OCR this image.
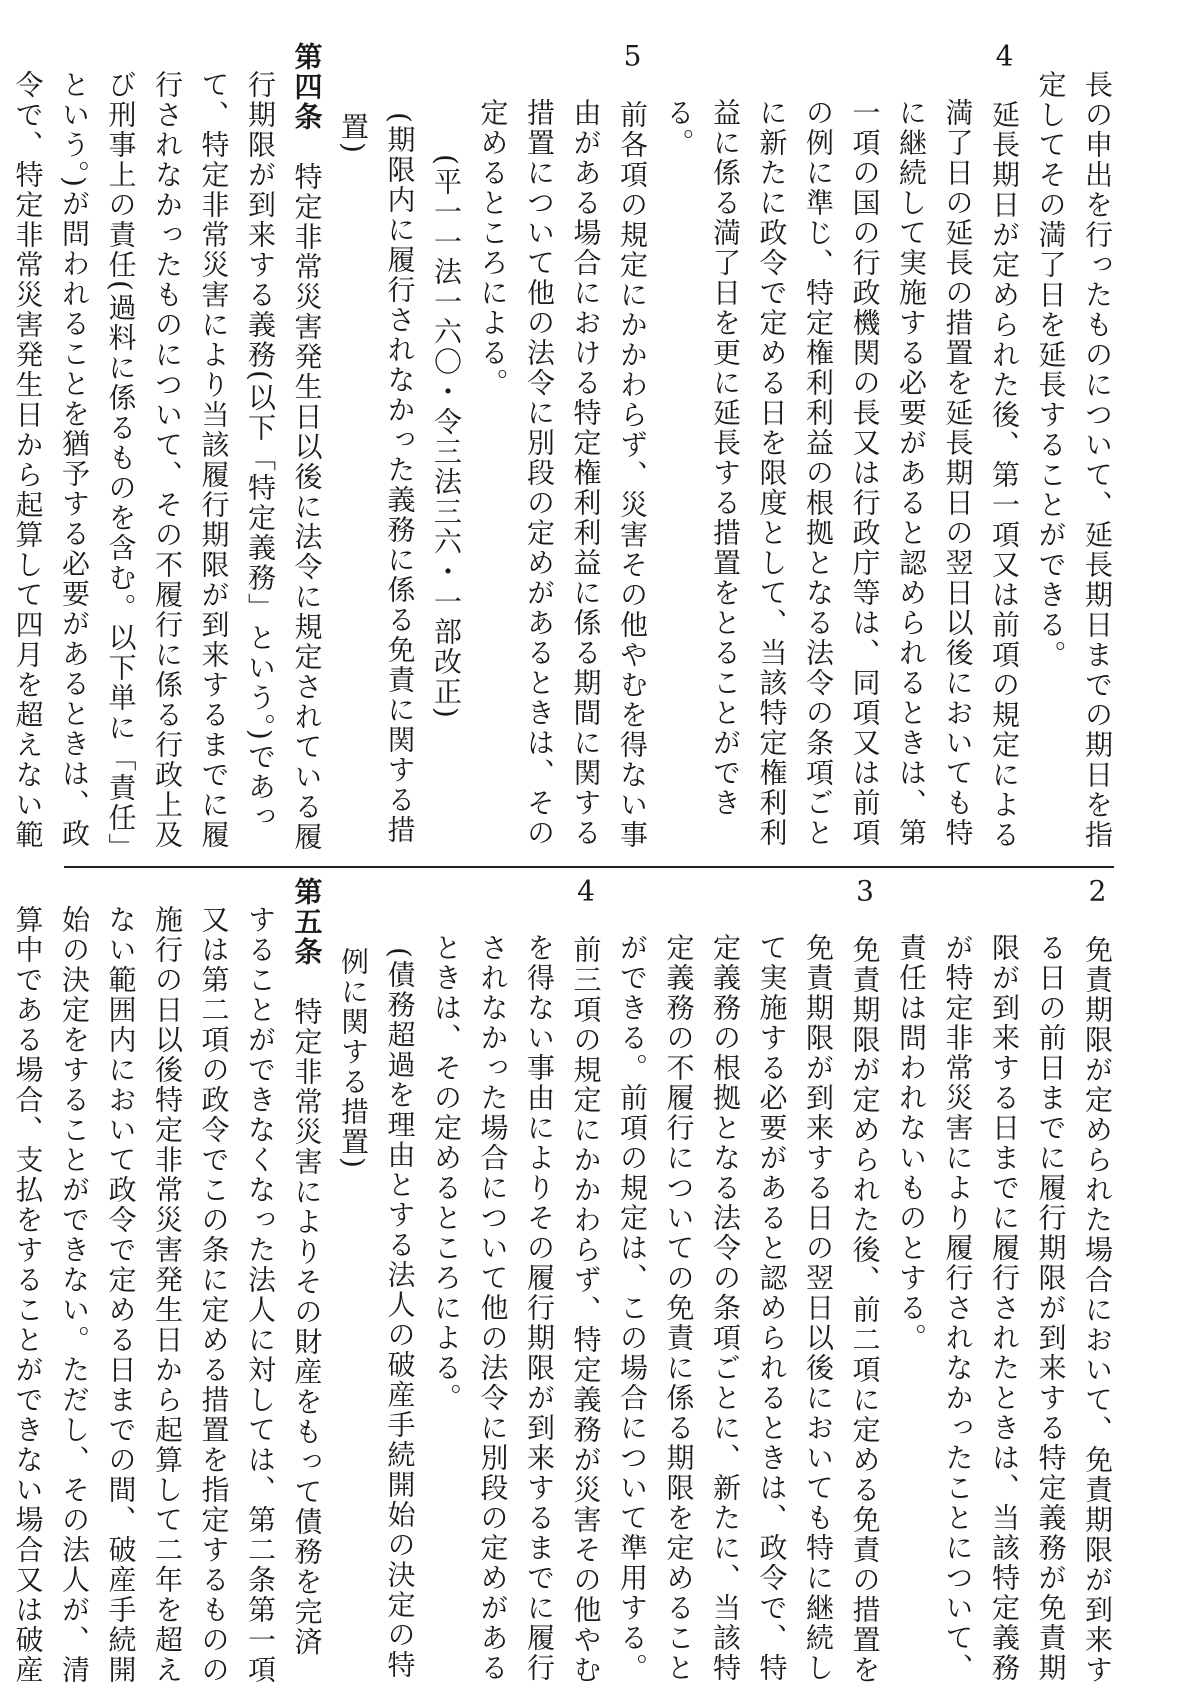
長の申出を行ったものについて、延長期日までの期日を指定してその満了日を延長することができる。

4　延長期日が定められた後、第一項又は前項の規定による満了日の延長の措置を延長期日の翌日以後においても特に継続して実施する必要があると認められるときは、第一項の国の行政機関の長又は行政庁等は、同項又は前項の例に準じ、特定権利利益の根拠となる法令の条項ごとに新たに政令で定める日を限度として、当該特定権利利益に係る満了日を更に延長する措置をとることができる。

5　前各項の規定にかかわらず、災害その他やむを得ない事由がある場合における特定権利利益に係る期間に関する措置について他の法令に別段の定めがあるときは、その定めるところによる。

(平一一法一六〇・令三法三六・一部改正)

(期限内に履行されなかった義務に係る免責に関する措置)

第四条　特定非常災害発生日以後に法令に規定されている履行期限が到来する義務(以下「特定義務」という。)であって、特定非常災害により当該履行期限が到来するまでに履行されなかったものについて、その不履行に係る行政上及び刑事上の責任(過料に係るものを含む。以下単に「責任」という。)が問われることを猶予する必要があるときは、政令で、特定非常災害発生日から起算して四月を超えない範

2　免責期限が定められた場合において、免責期限が到来する日の前日までに履行期限が到来する特定義務が免責期限が到来する日までに履行されたときは、当該特定義務が特定非常災害により履行されなかったことについて、責任は問われないものとする。

3　免責期限が定められた後、前二項に定める免責の措置を免責期限が到来する日の翌日以後においても特に継続して実施する必要があると認められるときは、政令で、特定義務の根拠となる法令の条項ごとに、新たに、当該特定義務の不履行についての免責に係る期限を定めることができる。前項の規定は、この場合について準用する。

4　前三項の規定にかかわらず、特定義務が災害その他やむを得ない事由によりその履行期限が到来するまでに履行されなかった場合について他の法令に別段の定めがあるときは、その定めるところによる。

(債務超過を理由とする法人の破産手続開始の決定の特例に関する措置)

第五条　特定非常災害によりその財産をもって債務を完済することができなくなった法人に対しては、第二条第一項又は第二項の政令でこの条に定める措置を指定するものの施行の日以後特定非常災害発生日から起算して二年を超えない範囲内において政令で定める日までの間、破産手続開始の決定をすることができない。ただし、その法人が、清算中である場合、支払をすることができない場合又は破産
